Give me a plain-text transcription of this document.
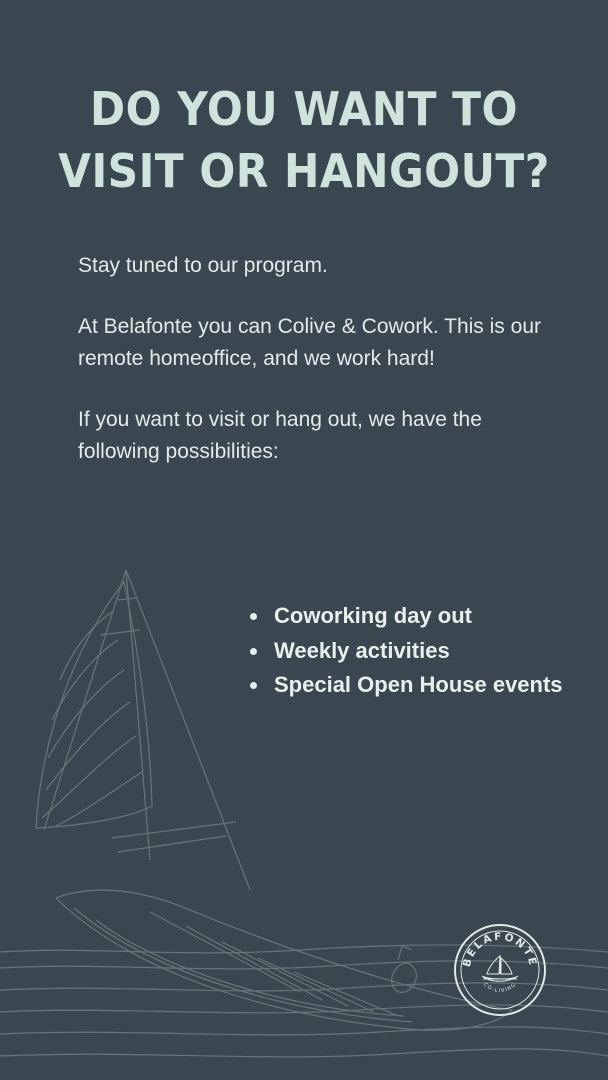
DO YOU WANT TO
VISIT OR HANGOUT?

Stay tuned to our program.

At Belafonte you can Colive & Cowork. This is our remote homeoffice, and we work hard!

If you want to visit or hang out, we have the following possibilities:

• Coworking day out
• Weekly activities
• Special Open House events
BELAFONTE
CO-LIVING
